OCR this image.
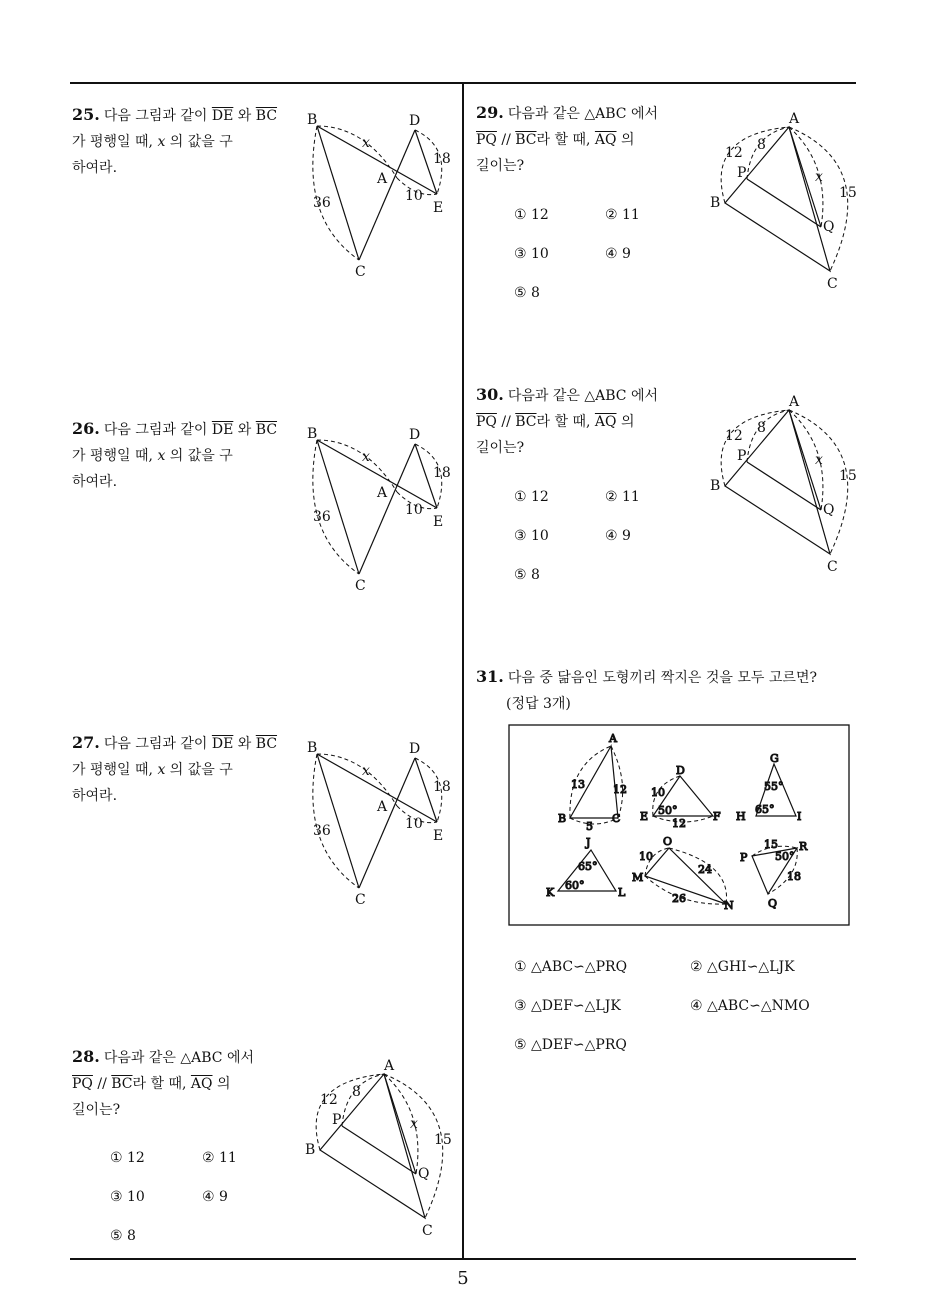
25. 다음 그림과 같이 $\overline{DE}$ 와 $\overline{BC}$
가 평행일 때, x 의 값을 구
하여라.
B	D
A
E
C
x
18
10
36
26. 다음 그림과 같이 $\overline{DE}$ 와 $\overline{BC}$
가 평행일 때, x 의 값을 구
하여라.
B	D
A
E
C
x
18
10
36
27. 다음 그림과 같이 $\overline{DE}$ 와 $\overline{BC}$
가 평행일 때, x 의 값을 구
하여라.
B	D
A
E
C
x
18
10
36
28. 다음과 같은 △ABC 에서
$\overline{PQ} // \overline{BC}$라 할 때, $\overline{AQ}$ 의
길이는?
① 12	② 11
③ 10	④ 9
⑤ 8
A
P
B
Q
C
12 8
x
15
29. 다음과 같은 △ABC 에서
$\overline{PQ} // \overline{BC}$라 할 때, $\overline{AQ}$ 의
길이는?
① 12	② 11
③ 10	④ 9
⑤ 8
A
P
B
Q
C
12 8
x
15
30. 다음과 같은 △ABC 에서
$\overline{PQ} // \overline{BC}$라 할 때, $\overline{AQ}$ 의
길이는?
① 12	② 11
③ 10	④ 9
⑤ 8
A
P
B
Q
C
12 8
x
15
31. 다음 중 닮음인 도형끼리 짝지은 것을 모두 고르면?
(정답 3개)
A
B	C
13	12
5
D
E	F
10
50°
12
G
H	I
55°
65°
J
K	L
65°
60°
O
M
N
10
24
26
P
R
Q
15
50°
18
① △ABC∽△PRQ	② △GHI∽△LJK
③ △DEF∽△LJK	④ △ABC∽△NMO
⑤ △DEF∽△PRQ
5
